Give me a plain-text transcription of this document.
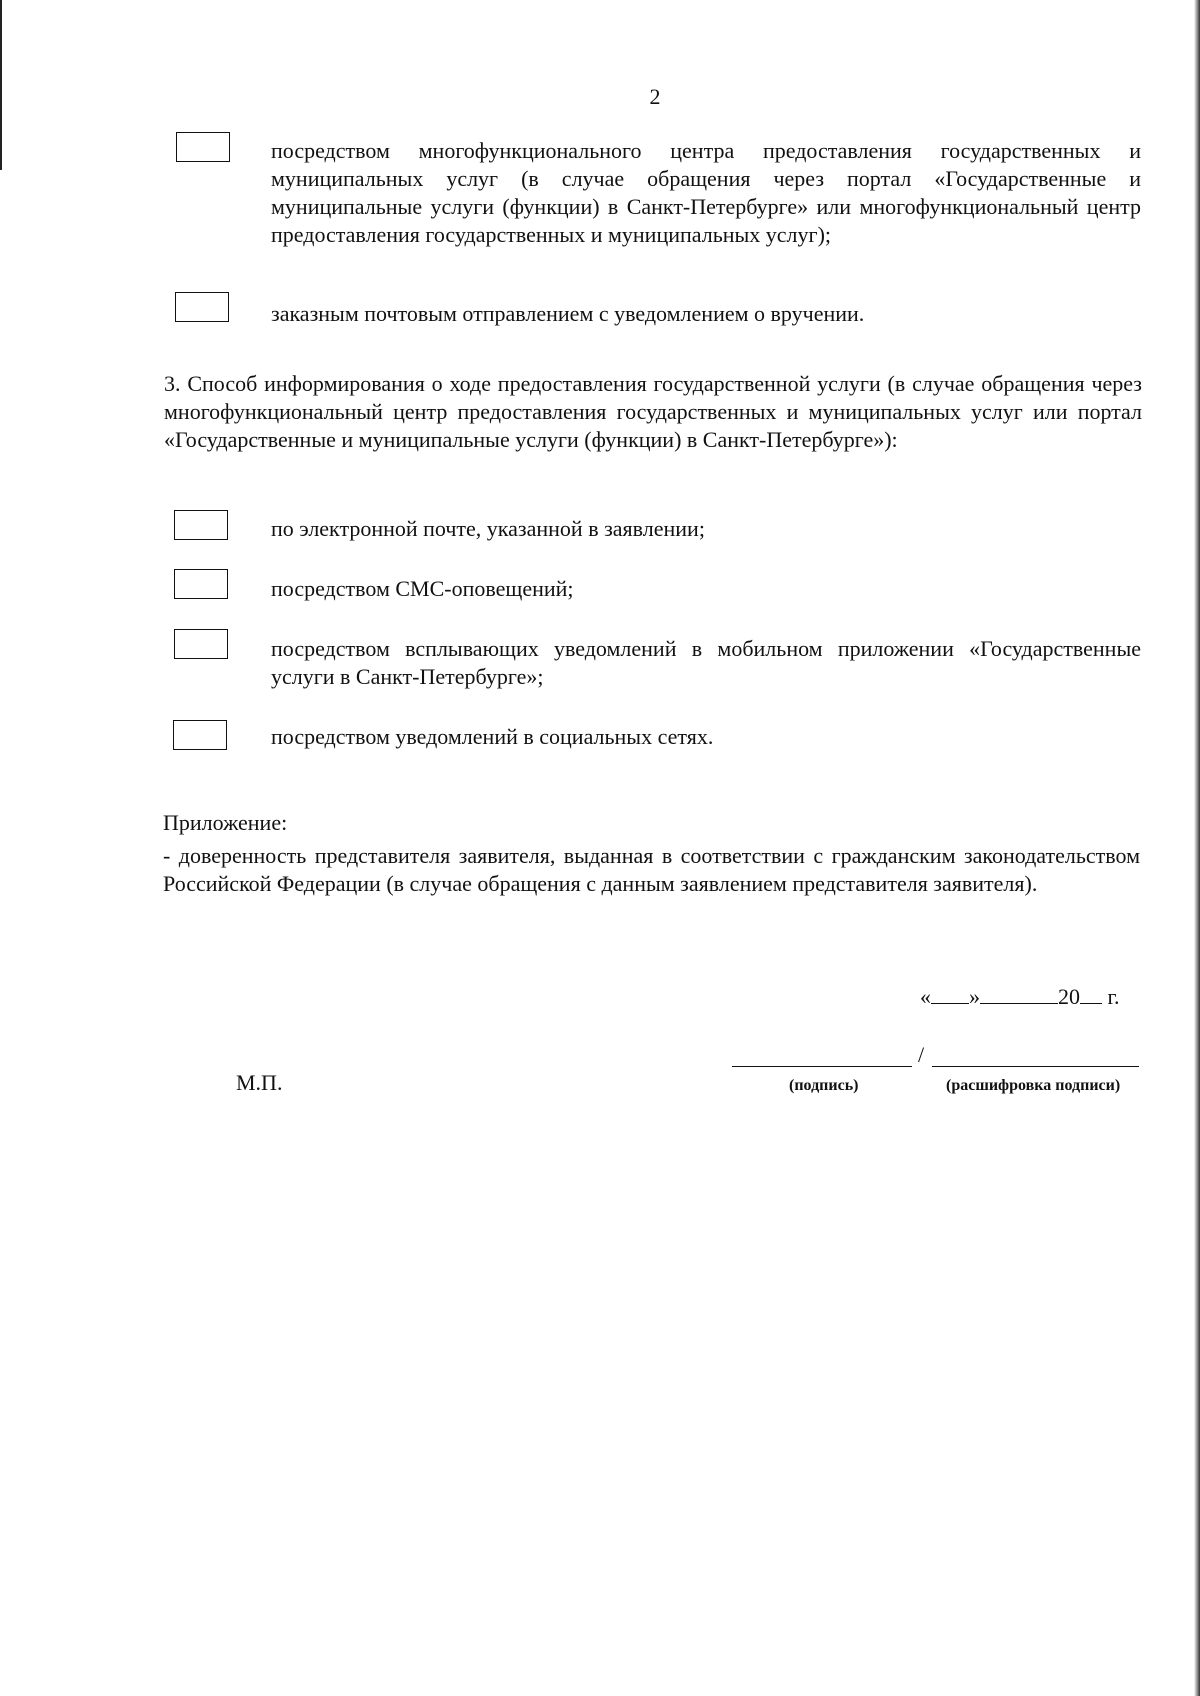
2
посредством многофункционального центра предоставления государственных и муниципальных услуг (в случае обращения через портал «Государственные и муниципальные услуги (функции) в Санкт-Петербурге» или многофункциональный центр предоставления государственных и муниципальных услуг);
заказным почтовым отправлением с уведомлением о вручении.
3. Способ информирования о ходе предоставления государственной услуги (в случае обращения через многофункциональный центр предоставления государственных и муниципальных услуг или портал «Государственные и муниципальные услуги (функции) в Санкт-Петербурге»):
по электронной почте, указанной в заявлении;
посредством СМС-оповещений;
посредством всплывающих уведомлений в мобильном приложении «Государственные услуги в Санкт-Петербурге»;
посредством уведомлений в социальных сетях.
Приложение:
- доверенность представителя заявителя, выданная в соответствии с гражданским законодательством Российской Федерации (в случае обращения с данным заявлением представителя заявителя).
« »	20 г.
/
(подпись)	(расшифровка подписи)
М.П.
